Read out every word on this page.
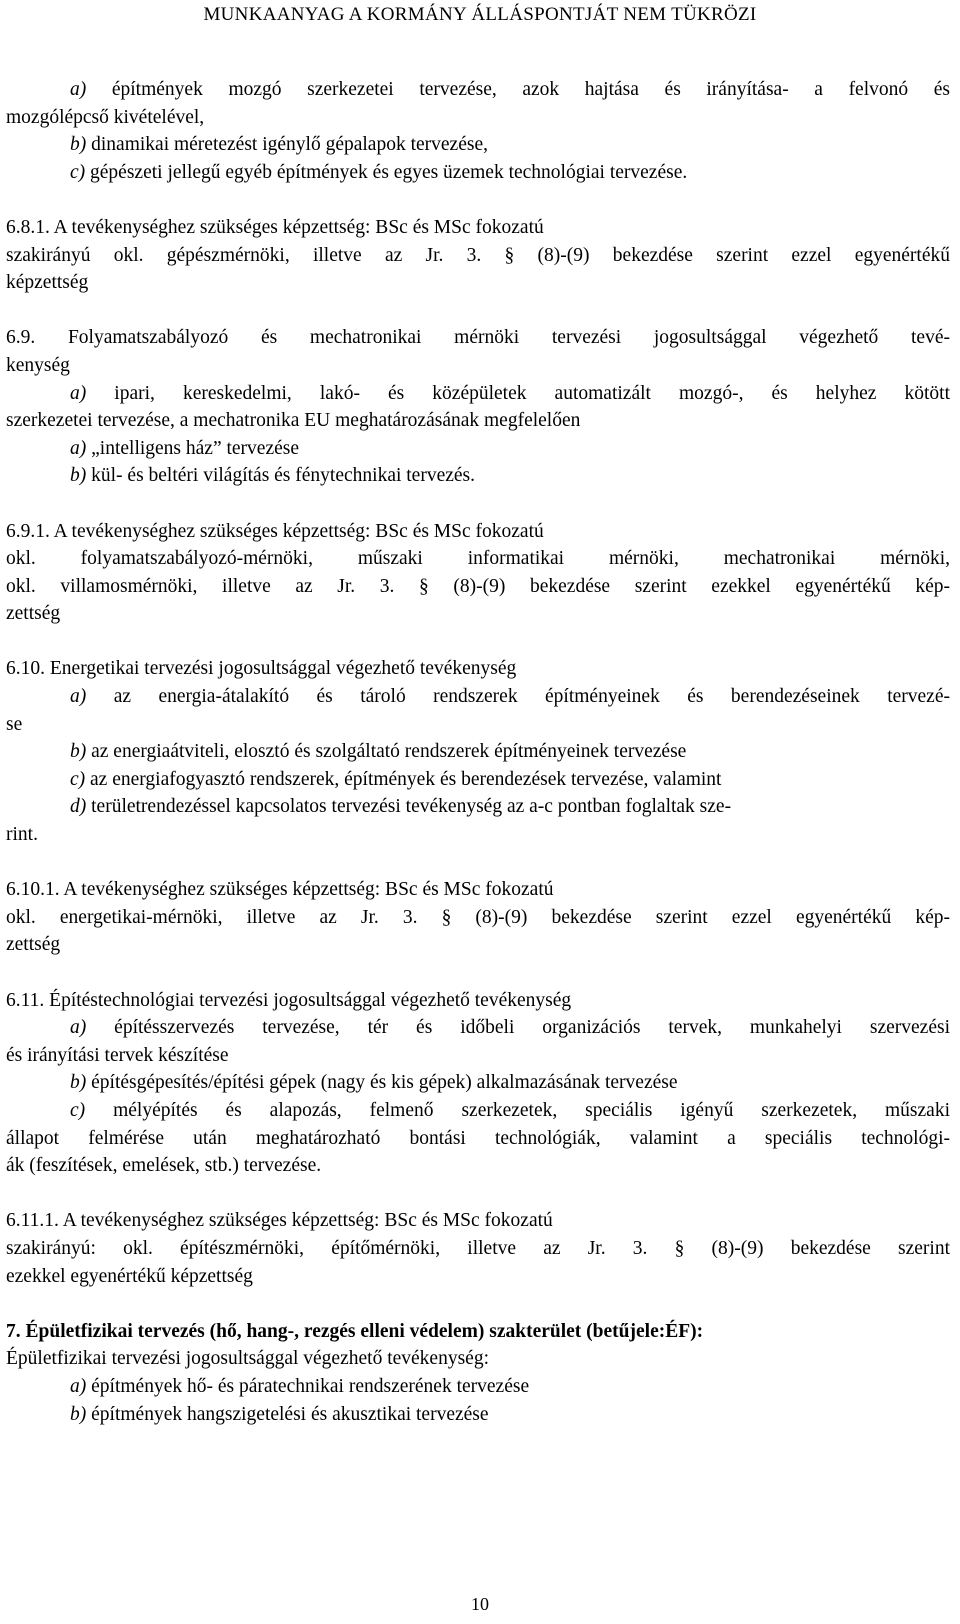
MUNKAANYAG A KORMÁNY ÁLLÁSPONTJÁT NEM TÜKRÖZI
a) építmények mozgó szerkezetei tervezése, azok hajtása és irányítása- a felvonó és
mozgólépcső kivételével,
b) dinamikai méretezést igénylő gépalapok tervezése,
c) gépészeti jellegű egyéb építmények és egyes üzemek technológiai tervezése.
6.8.1. A tevékenységhez szükséges képzettség: BSc és MSc fokozatú
szakirányú okl. gépészmérnöki, illetve az Jr. 3. § (8)-(9) bekezdése szerint ezzel egyenértékű
képzettség
6.9. Folyamatszabályozó és mechatronikai mérnöki tervezési jogosultsággal végezhető tevé-
kenység
a) ipari, kereskedelmi, lakó- és középületek automatizált mozgó-, és helyhez kötött
szerkezetei tervezése, a mechatronika EU meghatározásának megfelelően
a) „intelligens ház” tervezése
b) kül- és beltéri világítás és fénytechnikai tervezés.
6.9.1. A tevékenységhez szükséges képzettség: BSc és MSc fokozatú
okl. folyamatszabályozó-mérnöki, műszaki informatikai mérnöki, mechatronikai mérnöki,
okl. villamosmérnöki, illetve az Jr. 3. § (8)-(9) bekezdése szerint ezekkel egyenértékű kép-
zettség
6.10. Energetikai tervezési jogosultsággal végezhető tevékenység
a) az energia-átalakító és tároló rendszerek építményeinek és berendezéseinek tervezé-
se
b) az energiaátviteli, elosztó és szolgáltató rendszerek építményeinek tervezése
c) az energiafogyasztó rendszerek, építmények és berendezések tervezése, valamint
d) területrendezéssel kapcsolatos tervezési tevékenység az a-c pontban foglaltak sze-
rint.
6.10.1. A tevékenységhez szükséges képzettség: BSc és MSc fokozatú
okl. energetikai-mérnöki, illetve az Jr. 3. § (8)-(9) bekezdése szerint ezzel egyenértékű kép-
zettség
6.11. Építéstechnológiai tervezési jogosultsággal végezhető tevékenység
a) építésszervezés tervezése, tér és időbeli organizációs tervek, munkahelyi szervezési
és irányítási tervek készítése
b) építésgépesítés/építési gépek (nagy és kis gépek) alkalmazásának tervezése
c) mélyépítés és alapozás, felmenő szerkezetek, speciális igényű szerkezetek, műszaki
állapot felmérése után meghatározható bontási technológiák, valamint a speciális technológi-
ák (feszítések, emelések, stb.) tervezése.
6.11.1. A tevékenységhez szükséges képzettség: BSc és MSc fokozatú
szakirányú: okl. építészmérnöki, építőmérnöki, illetve az Jr. 3. § (8)-(9) bekezdése szerint
ezekkel egyenértékű képzettség
7. Épületfizikai tervezés (hő, hang-, rezgés elleni védelem) szakterület (betűjele:ÉF):
Épületfizikai tervezési jogosultsággal végezhető tevékenység:
a) építmények hő- és páratechnikai rendszerének tervezése
b) építmények hangszigetelési és akusztikai tervezése
10
